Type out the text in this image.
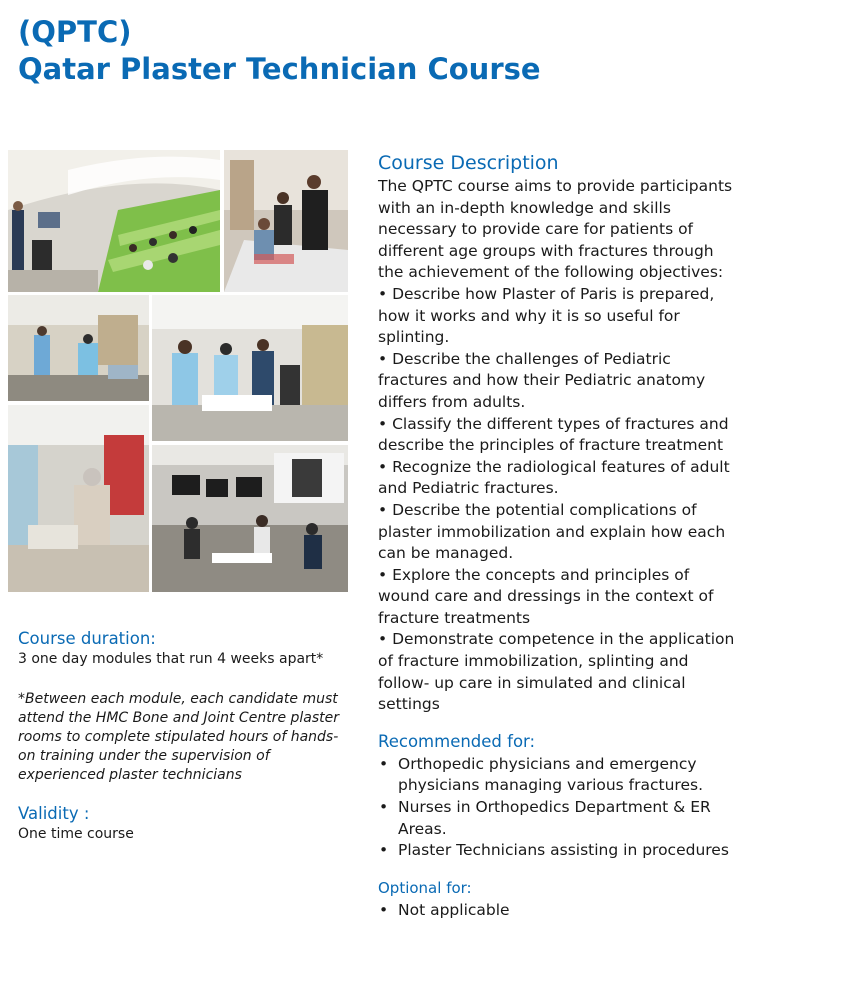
(QPTC)
Qatar Plaster Technician Course
Course duration:

3 one day modules that run 4 weeks apart*

*Between each module, each candidate must attend the HMC Bone and Joint Centre plaster rooms to complete stipulated hours of hands-on training under the supervision of experienced plaster technicians

Validity :

One time course

Course Description

The QPTC course aims to provide participants with an in-depth knowledge and skills necessary to provide care for patients of different age groups with fractures through the achievement of the following objectives:

• Describe how Plaster of Paris is prepared, how it works and why it is so useful for splinting.

• Describe the challenges of Pediatric fractures and how their Pediatric anatomy differs from adults.

• Classify the different types of fractures and describe the principles of fracture treatment

• Recognize the radiological features of adult and Pediatric fractures.

• Describe the potential complications of plaster immobilization and explain how each can be managed.

• Explore the concepts and principles of wound care and dressings in the context of fracture treatments

• Demonstrate competence in the application of fracture immobilization, splinting and follow- up care in simulated and clinical settings

Recommended for:
• Orthopedic physicians and emergency physicians managing various fractures.
• Nurses in Orthopedics Department & ER Areas.
• Plaster Technicians assisting in procedures
Optional for:
• Not applicable
